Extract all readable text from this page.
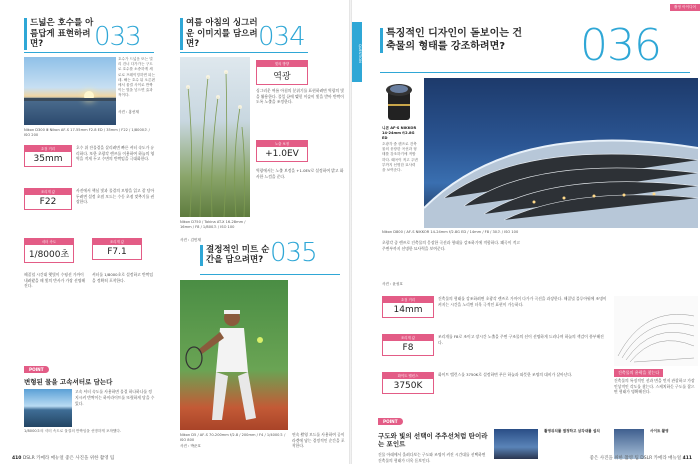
드넓은 호수를 아름답게 표현하려면?	033
호수가 드넓음 또는 멀리 건너 다가가는 구도로 호수를 소중하게 세로로 프레이밍하면 되는데. 해는 호수 뒤 오른편에서 물결 사이로 반짝이는 빛을 넣으면 효과적이다.
사진 : 홍선재
Nikon D300 Ⅲ Nikon AF-S 17-55mm F2.8 ED / 35mm / F22 / 1/8000초 / ISO 200
초점 거리
35mm
호수 위 잔물결을 살리려면 빠른 셔터 속도가 유리하다. 또한 초광각 렌즈를 이용하여 하늘의 영역을 적게 두고 수면의 반짝임을 극대화한다.
조리개 값
F22
사진에서 핵심 빛과 물결의 모양을 읽고 잘 담아 두려면 설정 초점 모드는 수동 초점 맞추기를 권장한다.
셔터 속도
1/8000초
조리개 값
F7.1
해질녘 시간대 햇빛이 수평선 가까이 내려왔을 때 빛의 반사가 가장 선명해진다.
셔터를 1/8000초로 설정하고 반짝임을 정확히 포착한다.
POINT
변형된 물을 고속셔터로 담는다
고속 셔터 속도를 사용하면 물결 하나하나를 정지시켜 반짝이는 하이라이트를 또렷하게 담을 수 있다.
1/8000초의 셔터 속도로 물결의 반짝임을 선명하게 포착했다.
여름 아침의 싱그러운 이미지를 담으려면?	034
빛의 방향
역광
싱그러운 여름 아침의 분위기를 표현하려면 역광의 빛을 활용한다. 풀잎 끝에 맺힌 이슬이 빛을 받아 반짝이도록 노출을 조정한다.
노출 보정
+1.0EV
역광에서는 노출 보정을 +1.0EV로 설정하여 밝고 화사한 느낌을 준다.
Nikon D750 / Tokina AT-X 16-28mm / 16mm / F8 / 1/800초 / ISO 100
사진 : 김민재
결정적인 미트 순간을 담으려면? 035
Nikon D5 / AF-S 70-200mm f/2.8 / 200mm / F4 / 1/4000초 / ISO 800
사진 : 박준호
연속 촬영 모드를 사용하여 공이 라켓에 닿는 결정적인 순간을 포착한다.
410 DSLR 카메라 매뉴얼 좋은 사진을 위한 촬영 팁
촬영 아이디어
QUESTION
특징적인 디자인이 돋보이는 건축물의 형태를 강조하려면?	036
니콘 AF-S NIKKOR 14-24mm f/2.8G ED
초광각 줌 렌즈로 건축물의 웅장한 곡선과 형태를 강조하기에 적합하다. 왜곡이 적고 주변부까지 선명한 묘사력을 보여준다.
Nikon D800 / AF-S NIKKOR 14-24mm f/2.8G ED / 14mm / F8 / 30초 / ISO 100
초광각 줌 렌즈로 건축물의 웅장한 곡선과 형태를 강조하기에 적합하다. 왜곡이 적고 주변부까지 선명한 묘사력을 보여준다.
사진 : 윤성호
초점 거리
14mm
건축물의 형태를 강조하려면 초광각 렌즈로 가까이 다가가 곡선을 과장한다. 해질녘 블루아워에 조명이 켜지는 시간을 노리면 더욱 극적인 표현이 가능하다.
조리개 값
F8
조리개를 F8로 조이고 장시간 노출을 주면 구조물의 선이 선명하게 드러나며 하늘의 색감이 풍부해진다.
화이트 밸런스
3750K
화이트 밸런스를 3750K로 설정하면 푸른 하늘과 따뜻한 조명의 대비가 살아난다.	건축물의 윤곽을 찾는다
건축물의 특징적인 선과 면을 먼저 관찰하고 가장 인상적인 각도를 찾는다. 스케치하듯 구도를 잡으면 형태가 명확해진다.
POINT
구도와 빛의 선택이 주추선처럼 탄이라는 포인트
건물 아래에서 올려다보는 구도와 조명이 켜진 시간대를 선택하면 건축물의 형태가 더욱 돋보인다.
촬영위치를 결정하고 삼각대를 설치	사이트 촬영
좋은 사진을 위한 촬영 팁 DSLR 카메라 매뉴얼 411
